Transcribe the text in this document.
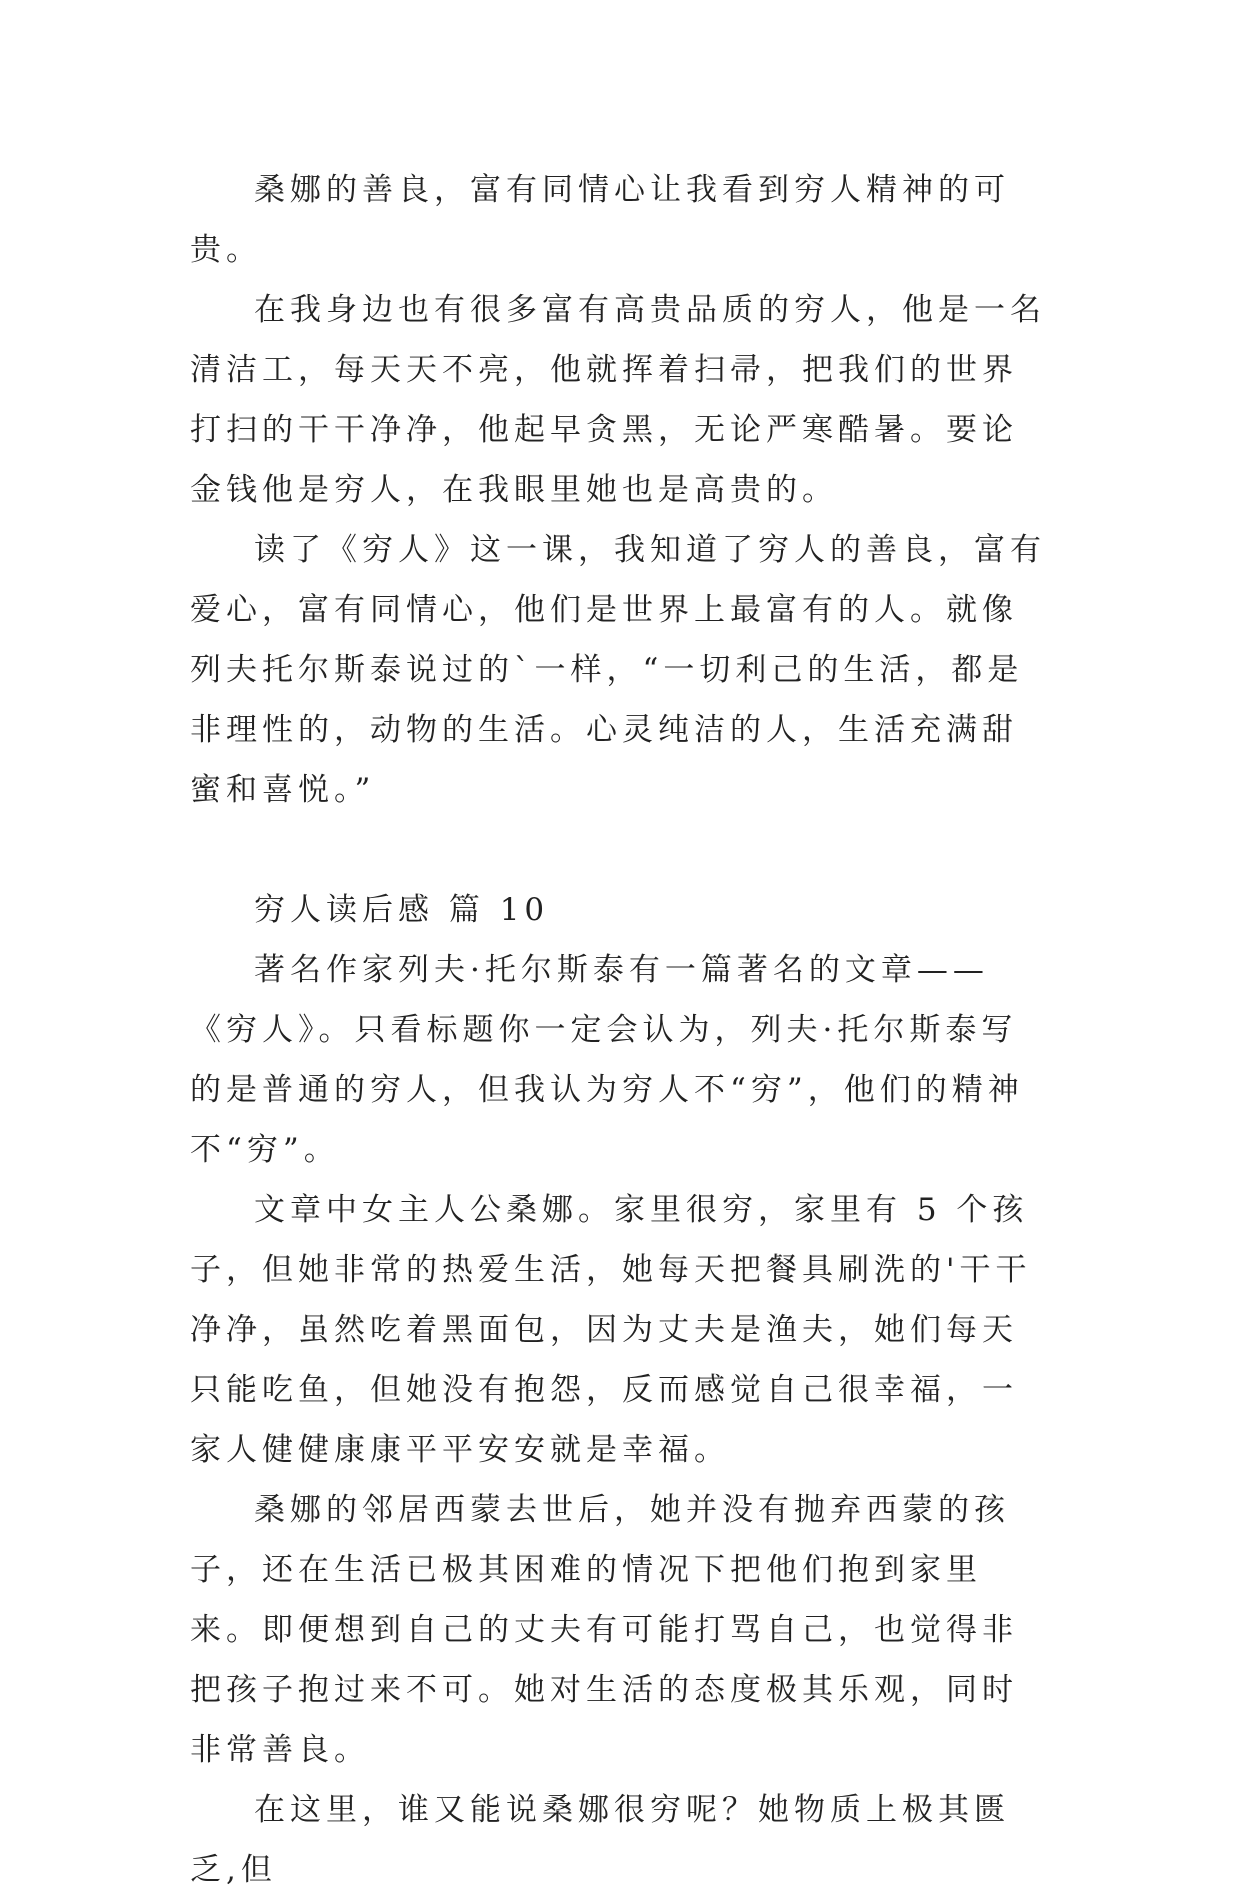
桑娜的善良，富有同情心让我看到穷人精神的可贵。

在我身边也有很多富有高贵品质的穷人，他是一名清洁工，每天天不亮，他就挥着扫帚，把我们的世界打扫的干干净净，他起早贪黑，无论严寒酷暑。要论金钱他是穷人，在我眼里她也是高贵的。

读了《穷人》这一课，我知道了穷人的善良，富有爱心，富有同情心，他们是世界上最富有的人。就像列夫托尔斯泰说过的`一样，“一切利己的生活，都是非理性的，动物的生活。心灵纯洁的人，生活充满甜蜜和喜悦。”

穷人读后感 篇 10

著名作家列夫·托尔斯泰有一篇著名的文章——《穷人》。只看标题你一定会认为，列夫·托尔斯泰写的是普通的穷人，但我认为穷人不“穷”，他们的精神不“穷”。

文章中女主人公桑娜。家里很穷，家里有 5 个孩子，但她非常的热爱生活，她每天把餐具刷洗的'干干净净，虽然吃着黑面包，因为丈夫是渔夫，她们每天只能吃鱼，但她没有抱怨，反而感觉自己很幸福，一家人健健康康平平安安就是幸福。

桑娜的邻居西蒙去世后，她并没有抛弃西蒙的孩子，还在生活已极其困难的情况下把他们抱到家里来。即便想到自己的丈夫有可能打骂自己，也觉得非把孩子抱过来不可。她对生活的态度极其乐观，同时非常善良。

在这里，谁又能说桑娜很穷呢？她物质上极其匮乏,但
